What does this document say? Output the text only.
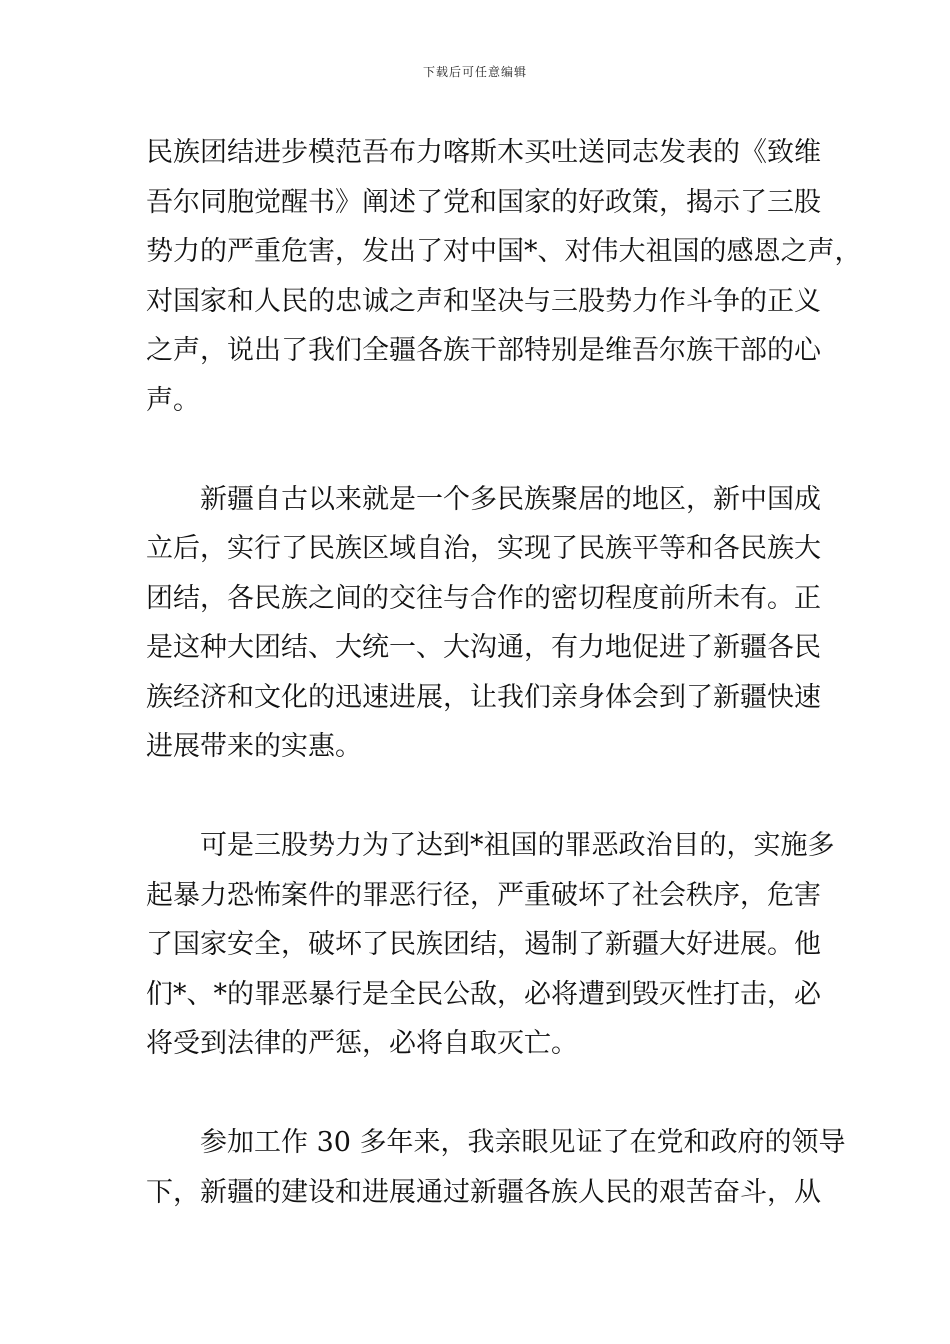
下载后可任意编辑
民族团结进步模范吾布力喀斯木买吐送同志发表的《致维
吾尔同胞觉醒书》阐述了党和国家的好政策，揭示了三股
势力的严重危害，发出了对中国*、对伟大祖国的感恩之声，
对国家和人民的忠诚之声和坚决与三股势力作斗争的正义
之声，说出了我们全疆各族干部特别是维吾尔族干部的心
声。
新疆自古以来就是一个多民族聚居的地区，新中国成
立后，实行了民族区域自治，实现了民族平等和各民族大
团结，各民族之间的交往与合作的密切程度前所未有。正
是这种大团结、大统一、大沟通，有力地促进了新疆各民
族经济和文化的迅速进展，让我们亲身体会到了新疆快速
进展带来的实惠。
可是三股势力为了达到*祖国的罪恶政治目的，实施多
起暴力恐怖案件的罪恶行径，严重破坏了社会秩序，危害
了国家安全，破坏了民族团结，遏制了新疆大好进展。他
们*、*的罪恶暴行是全民公敌，必将遭到毁灭性打击，必
将受到法律的严惩，必将自取灭亡。
参加工作 30 多年来，我亲眼见证了在党和政府的领导
下，新疆的建设和进展通过新疆各族人民的艰苦奋斗，从
